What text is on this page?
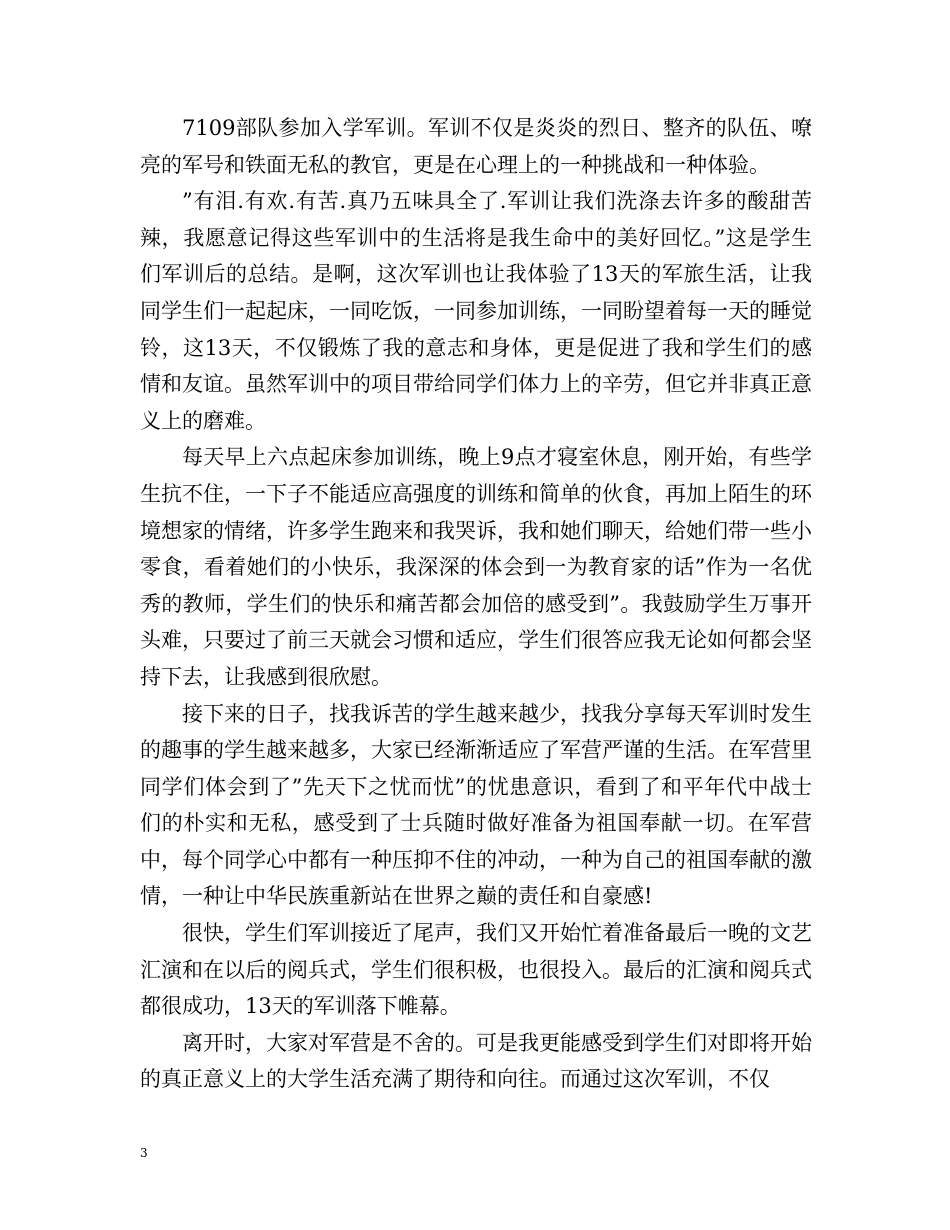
7109部队参加入学军训。军训不仅是炎炎的烈日、整齐的队伍、嘹亮的军号和铁面无私的教官，更是在心理上的一种挑战和一种体验。

”有泪.有欢.有苦.真乃五味具全了.军训让我们洗涤去许多的酸甜苦辣，我愿意记得这些军训中的生活将是我生命中的美好回忆。”这是学生们军训后的总结。是啊，这次军训也让我体验了13天的军旅生活，让我同学生们一起起床，一同吃饭，一同参加训练，一同盼望着每一天的睡觉铃，这13天，不仅锻炼了我的意志和身体，更是促进了我和学生们的感情和友谊。虽然军训中的项目带给同学们体力上的辛劳，但它并非真正意义上的磨难。

每天早上六点起床参加训练，晚上9点才寝室休息，刚开始，有些学生抗不住，一下子不能适应高强度的训练和简单的伙食，再加上陌生的环境想家的情绪，许多学生跑来和我哭诉，我和她们聊天，给她们带一些小零食，看着她们的小快乐，我深深的体会到一为教育家的话”作为一名优秀的教师，学生们的快乐和痛苦都会加倍的感受到”。我鼓励学生万事开头难，只要过了前三天就会习惯和适应，学生们很答应我无论如何都会坚持下去，让我感到很欣慰。

接下来的日子，找我诉苦的学生越来越少，找我分享每天军训时发生的趣事的学生越来越多，大家已经渐渐适应了军营严谨的生活。在军营里同学们体会到了”先天下之忧而忧”的忧患意识，看到了和平年代中战士们的朴实和无私，感受到了士兵随时做好准备为祖国奉献一切。在军营中，每个同学心中都有一种压抑不住的冲动，一种为自己的祖国奉献的激情，一种让中华民族重新站在世界之巅的责任和自豪感!

很快，学生们军训接近了尾声，我们又开始忙着准备最后一晚的文艺汇演和在以后的阅兵式，学生们很积极，也很投入。最后的汇演和阅兵式都很成功，13天的军训落下帷幕。

离开时，大家对军营是不舍的。可是我更能感受到学生们对即将开始的真正意义上的大学生活充满了期待和向往。而通过这次军训，不仅

3
